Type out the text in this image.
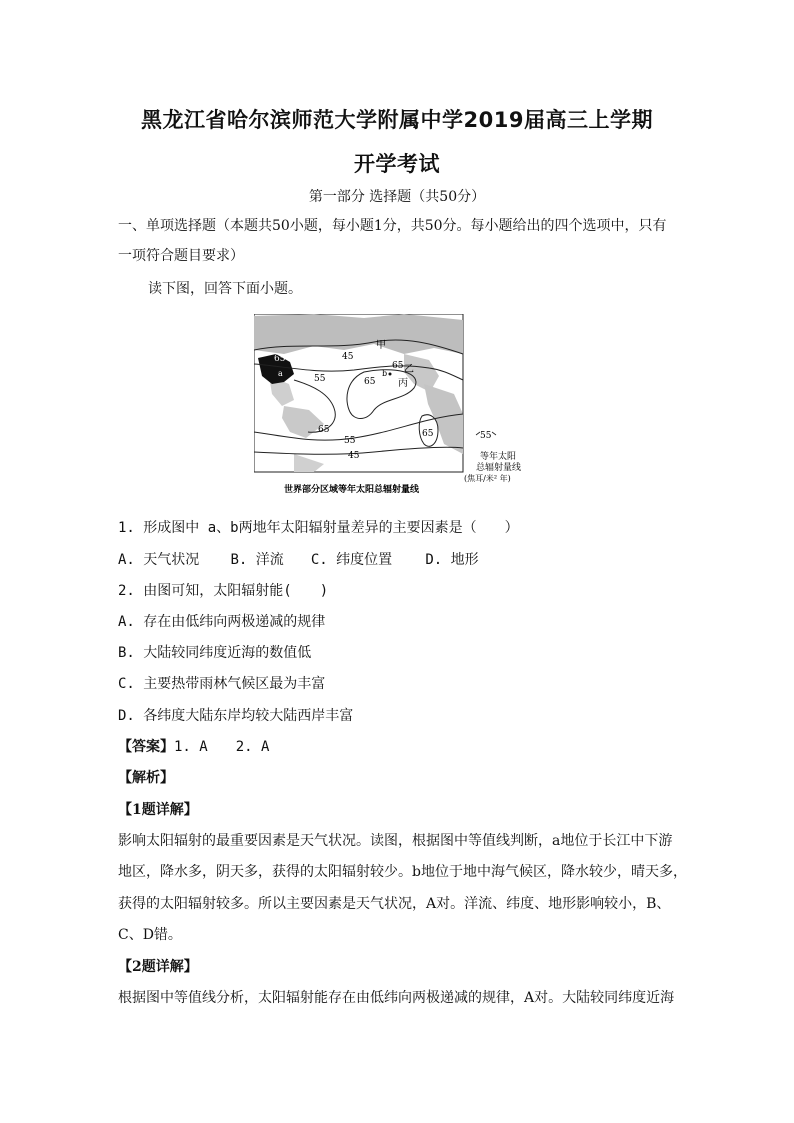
黑龙江省哈尔滨师范大学附属中学2019届高三上学期
开学考试
第一部分 选择题（共50分）
一、单项选择题（本题共50小题，每小题1分，共50分。每小题给出的四个选项中，只有
一项符合题目要求）
读下图，回答下面小题。
甲
45
65
a
55
65 乙
b
65 丙
65	65
55
45
55
等年太阳
总辐射量线
(焦耳/米² 年)
世界部分区域等年太阳总辐射量线
1. 形成图中 a、b两地年太阳辐射量差异的主要因素是（　　）
A. 天气状况 B. 洋流 C. 纬度位置 D. 地形
2. 由图可知，太阳辐射能(　　)
A. 存在由低纬向两极递减的规律
B. 大陆较同纬度近海的数值低
C. 主要热带雨林气候区最为丰富
D. 各纬度大陆东岸均较大陆西岸丰富
【答案】1. A　　2. A
【解析】
【1题详解】
影响太阳辐射的最重要因素是天气状况。读图，根据图中等值线判断，a地位于长江中下游
地区，降水多，阴天多，获得的太阳辐射较少。b地位于地中海气候区，降水较少，晴天多，
获得的太阳辐射较多。所以主要因素是天气状况，A对。洋流、纬度、地形影响较小，B、
C、D错。
【2题详解】
根据图中等值线分析，太阳辐射能存在由低纬向两极递减的规律，A对。大陆较同纬度近海
